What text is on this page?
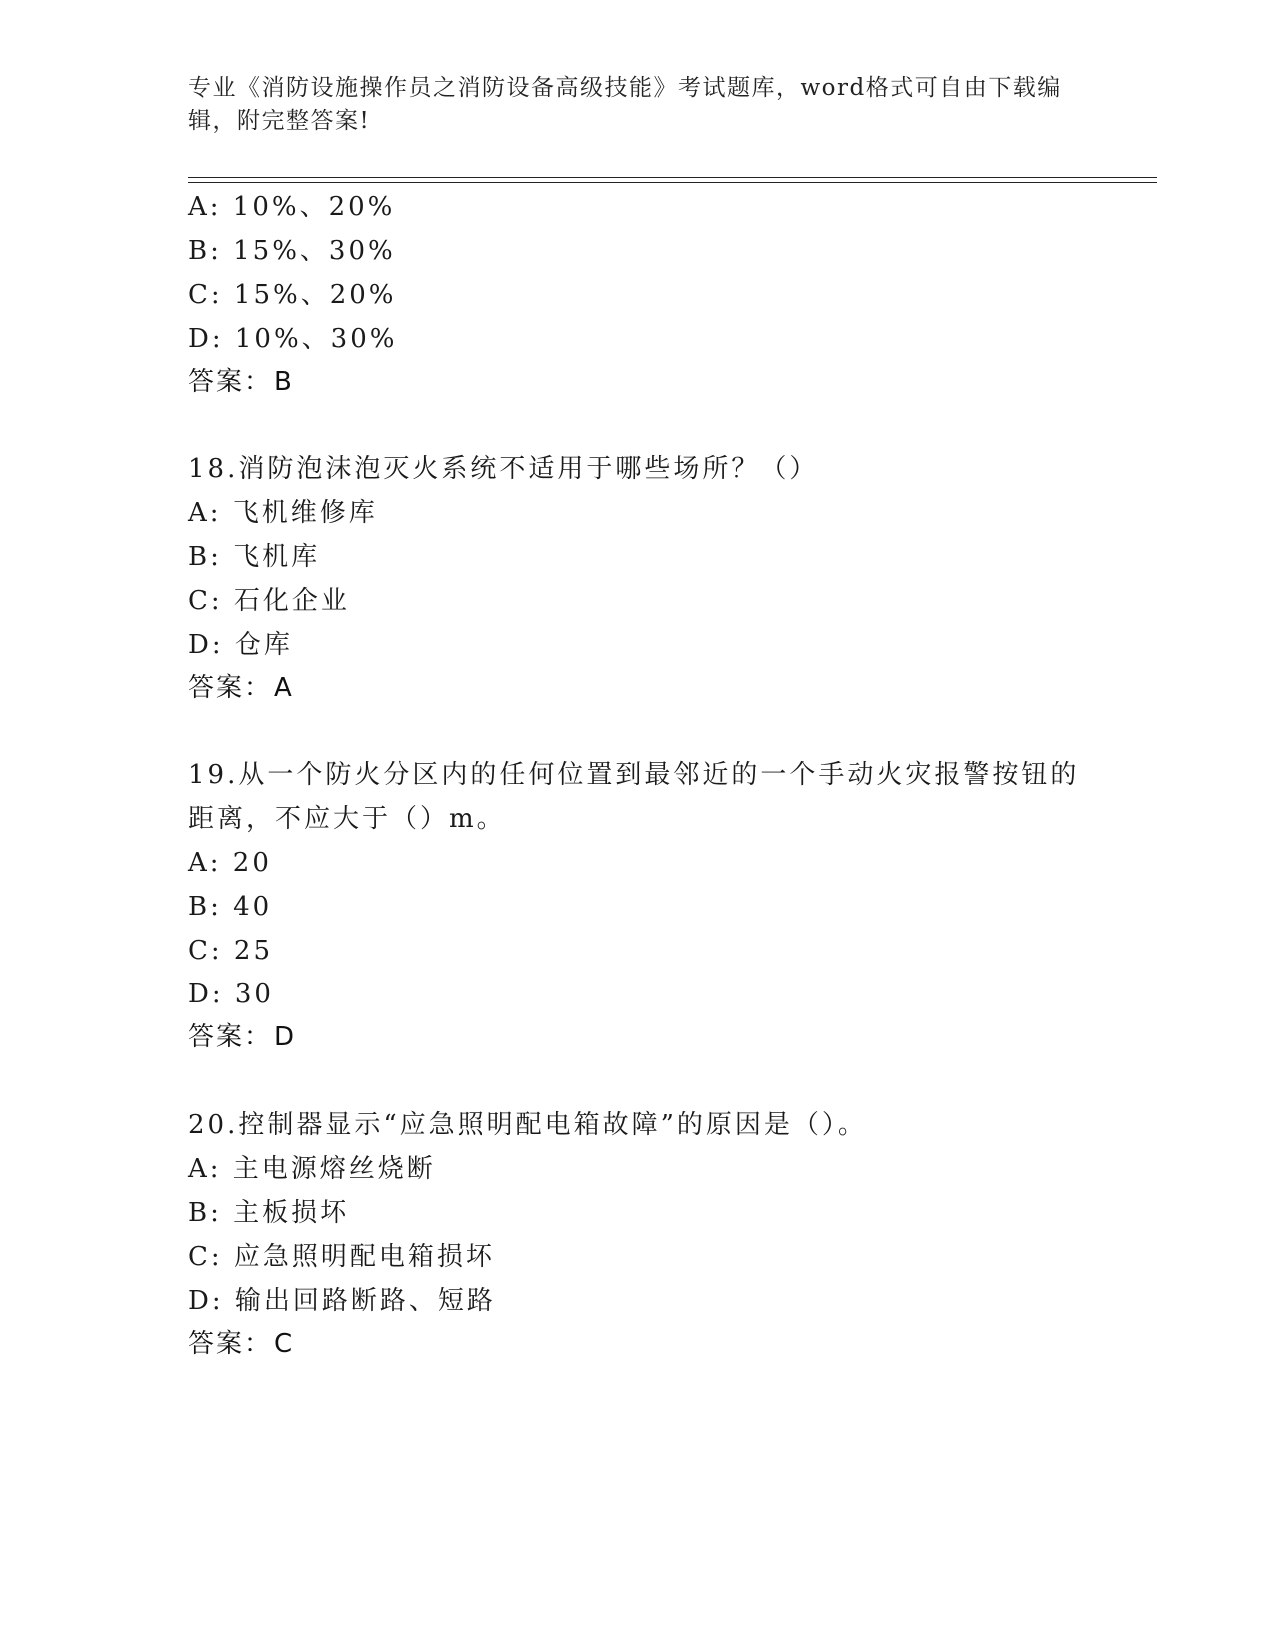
专业《消防设施操作员之消防设备高级技能》考试题库，word格式可自由下载编辑，附完整答案!
A: 10%、20%
B: 15%、30%
C: 15%、20%
D: 10%、30%
答案：B
18.消防泡沫泡灭火系统不适用于哪些场所？（）
A: 飞机维修库
B: 飞机库
C: 石化企业
D: 仓库
答案：A
19.从一个防火分区内的任何位置到最邻近的一个手动火灾报警按钮的
距离，不应大于（）m。
A: 20
B: 40
C: 25
D: 30
答案：D
20.控制器显示“应急照明配电箱故障”的原因是（）。
A: 主电源熔丝烧断
B: 主板损坏
C: 应急照明配电箱损坏
D: 输出回路断路、短路
答案：C
